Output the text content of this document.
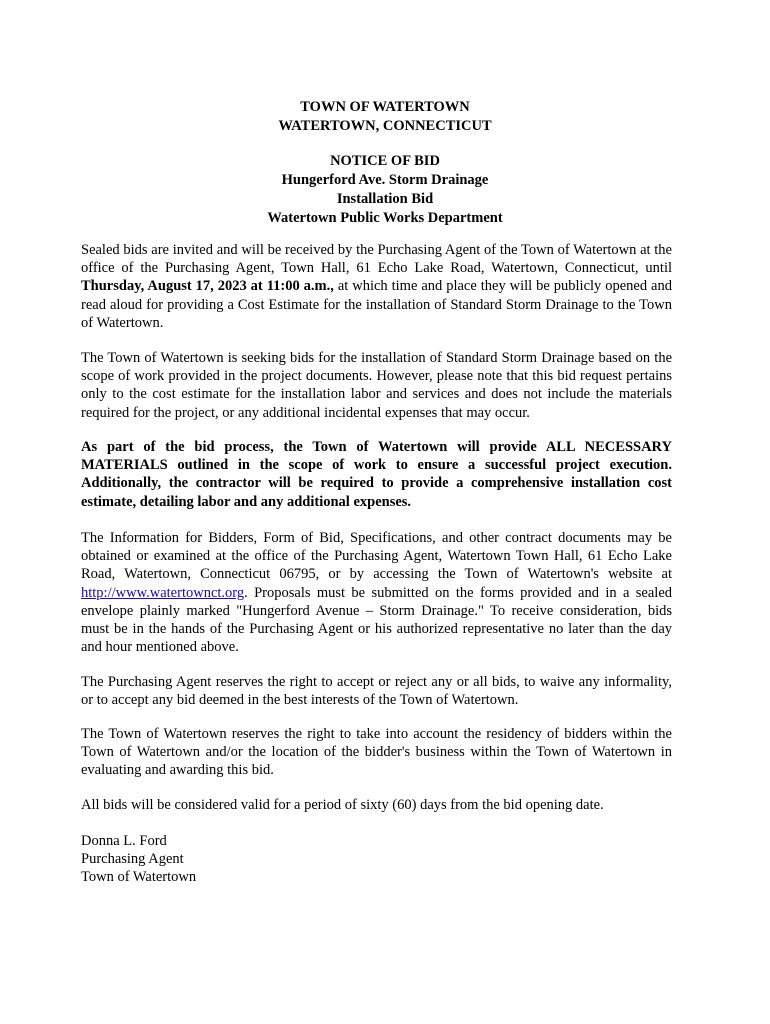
TOWN OF WATERTOWN
WATERTOWN, CONNECTICUT
NOTICE OF BID
Hungerford Ave. Storm Drainage
Installation Bid
Watertown Public Works Department

Sealed bids are invited and will be received by the Purchasing Agent of the Town of Watertown at the office of the Purchasing Agent, Town Hall, 61 Echo Lake Road, Watertown, Connecticut, until Thursday, August 17, 2023 at 11:00 a.m., at which time and place they will be publicly opened and read aloud for providing a Cost Estimate for the installation of Standard Storm Drainage to the Town of Watertown.

The Town of Watertown is seeking bids for the installation of Standard Storm Drainage based on the scope of work provided in the project documents. However, please note that this bid request pertains only to the cost estimate for the installation labor and services and does not include the materials required for the project, or any additional incidental expenses that may occur.

As part of the bid process, the Town of Watertown will provide ALL NECESSARY MATERIALS outlined in the scope of work to ensure a successful project execution. Additionally, the contractor will be required to provide a comprehensive installation cost estimate, detailing labor and any additional expenses.

The Information for Bidders, Form of Bid, Specifications, and other contract documents may be obtained or examined at the office of the Purchasing Agent, Watertown Town Hall, 61 Echo Lake Road, Watertown, Connecticut 06795, or by accessing the Town of Watertown's website at http://www.watertownct.org. Proposals must be submitted on the forms provided and in a sealed envelope plainly marked "Hungerford Avenue – Storm Drainage." To receive consideration, bids must be in the hands of the Purchasing Agent or his authorized representative no later than the day and hour mentioned above.

The Purchasing Agent reserves the right to accept or reject any or all bids, to waive any informality, or to accept any bid deemed in the best interests of the Town of Watertown.

The Town of Watertown reserves the right to take into account the residency of bidders within the Town of Watertown and/or the location of the bidder's business within the Town of Watertown in evaluating and awarding this bid.

All bids will be considered valid for a period of sixty (60) days from the bid opening date.

Donna L. Ford
Purchasing Agent
Town of Watertown
